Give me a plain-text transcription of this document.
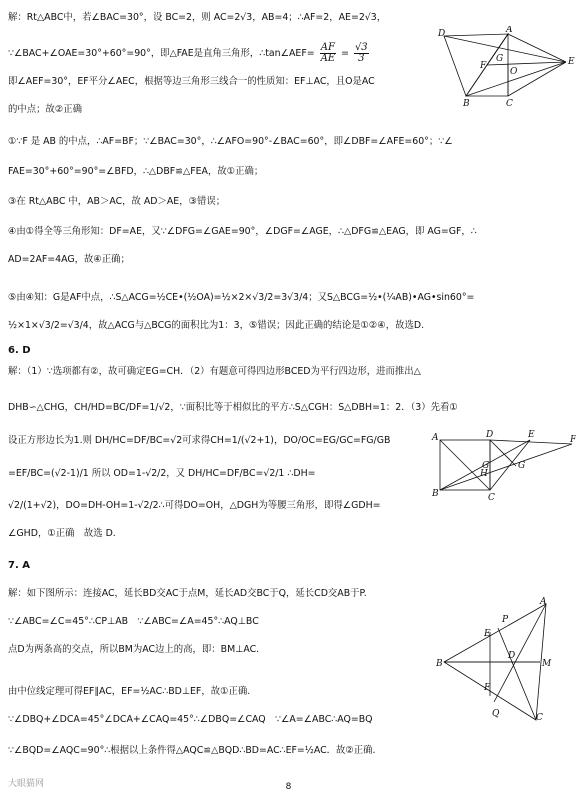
解：Rt△ABC中，若∠BAC=30°，设 BC=2，则 AC=2√3，AB=4；∴AF=2，AE=2√3，
∵∠BAC+∠OAE=30°+60°=90°，即△FAE是直角三角形，∴tan∠AEF= $\frac{AF}{AE} = \frac{√3}{3}$
即∠AEF=30°，EF平分∠AEC，根据等边三角形三线合一的性质知：EF⊥AC，且O是AC
的中点；故②正确
①∵F 是 AB 的中点，∴AF=BF；∵∠BAC=30°，∴∠AFO=90°-∠BAC=60°，即∠DBF=∠AFE=60°；∵∠
FAE=30°+60°=90°=∠BFD，∴△DBF≌△FEA，故①正确；
③在 Rt△ABC 中，AB＞AC，故 AD＞AE，③错误；
④由①得全等三角形知：DF=AE，又∵∠DFG=∠GAE=90°，∠DGF=∠AGE，∴△DFG≌△EAG，即 AG=GF，∴
AD=2AF=4AG，故④正确；
⑤由④知：G是AF中点，∴S△ACG=½CE•(½OA)=½×2×√3/2=3√3/4；又S△BCG=½•(¼AB)•AG•sin60°=
½×1×√3/2=√3/4，故△ACG与△BCG的面积比为1：3，⑤错误；因此正确的结论是①②④，故选D.
6. D
解：（1）∵选项都有②，故可确定EG=CH．（2）有题意可得四边形BCED为平行四边形，进而推出△
DHB∽△CHG，CH/HD=BC/DF=1/√2，∵面积比等于相似比的平方∴S△CGH：S△DBH=1：2．（3）先看①
设正方形边长为1.则 DH/HC=DF/BC=√2可求得CH=1/(√2+1)，DO/OC=EG/GC=FG/GB
=EF/BC=(√2-1)/1 所以 OD=1-√2/2，又 DH/HC=DF/BC=√2/1 ∴DH=
√2/(1+√2)，DO=DH-OH=1-√2/2∴可得DO=OH，△DGH为等腰三角形，即得∠GDH=
∠GHD，①正确　故选 D.
7. A
解：如下图所示：连接AC，延长BD交AC于点M，延长AD交BC于Q，延长CD交AB于P.
∵∠ABC=∠C=45°∴CP⊥AB　∵∠ABC=∠A=45°∴AQ⊥BC
点D为两条高的交点，所以BM为AC边上的高，即：BM⊥AC.
由中位线定理可得EF∥AC，EF=½AC∴BD⊥EF，故①正确.
∵∠DBQ+∠DCA=45°∠DCA+∠CAQ=45°∴∠DBQ=∠CAQ　∵∠A=∠ABC∴AQ=BQ
∵∠BQD=∠AQC=90°∴根据以上条件得△AQC≌△BQD∴BD=AC∴EF=½AC．故②正确.
D	A
E
F
O
G
B	C
A	D	E	F
B	C
G	G
H
B
A
C
P
E
F
D
M
Q
大眼猫网	8
